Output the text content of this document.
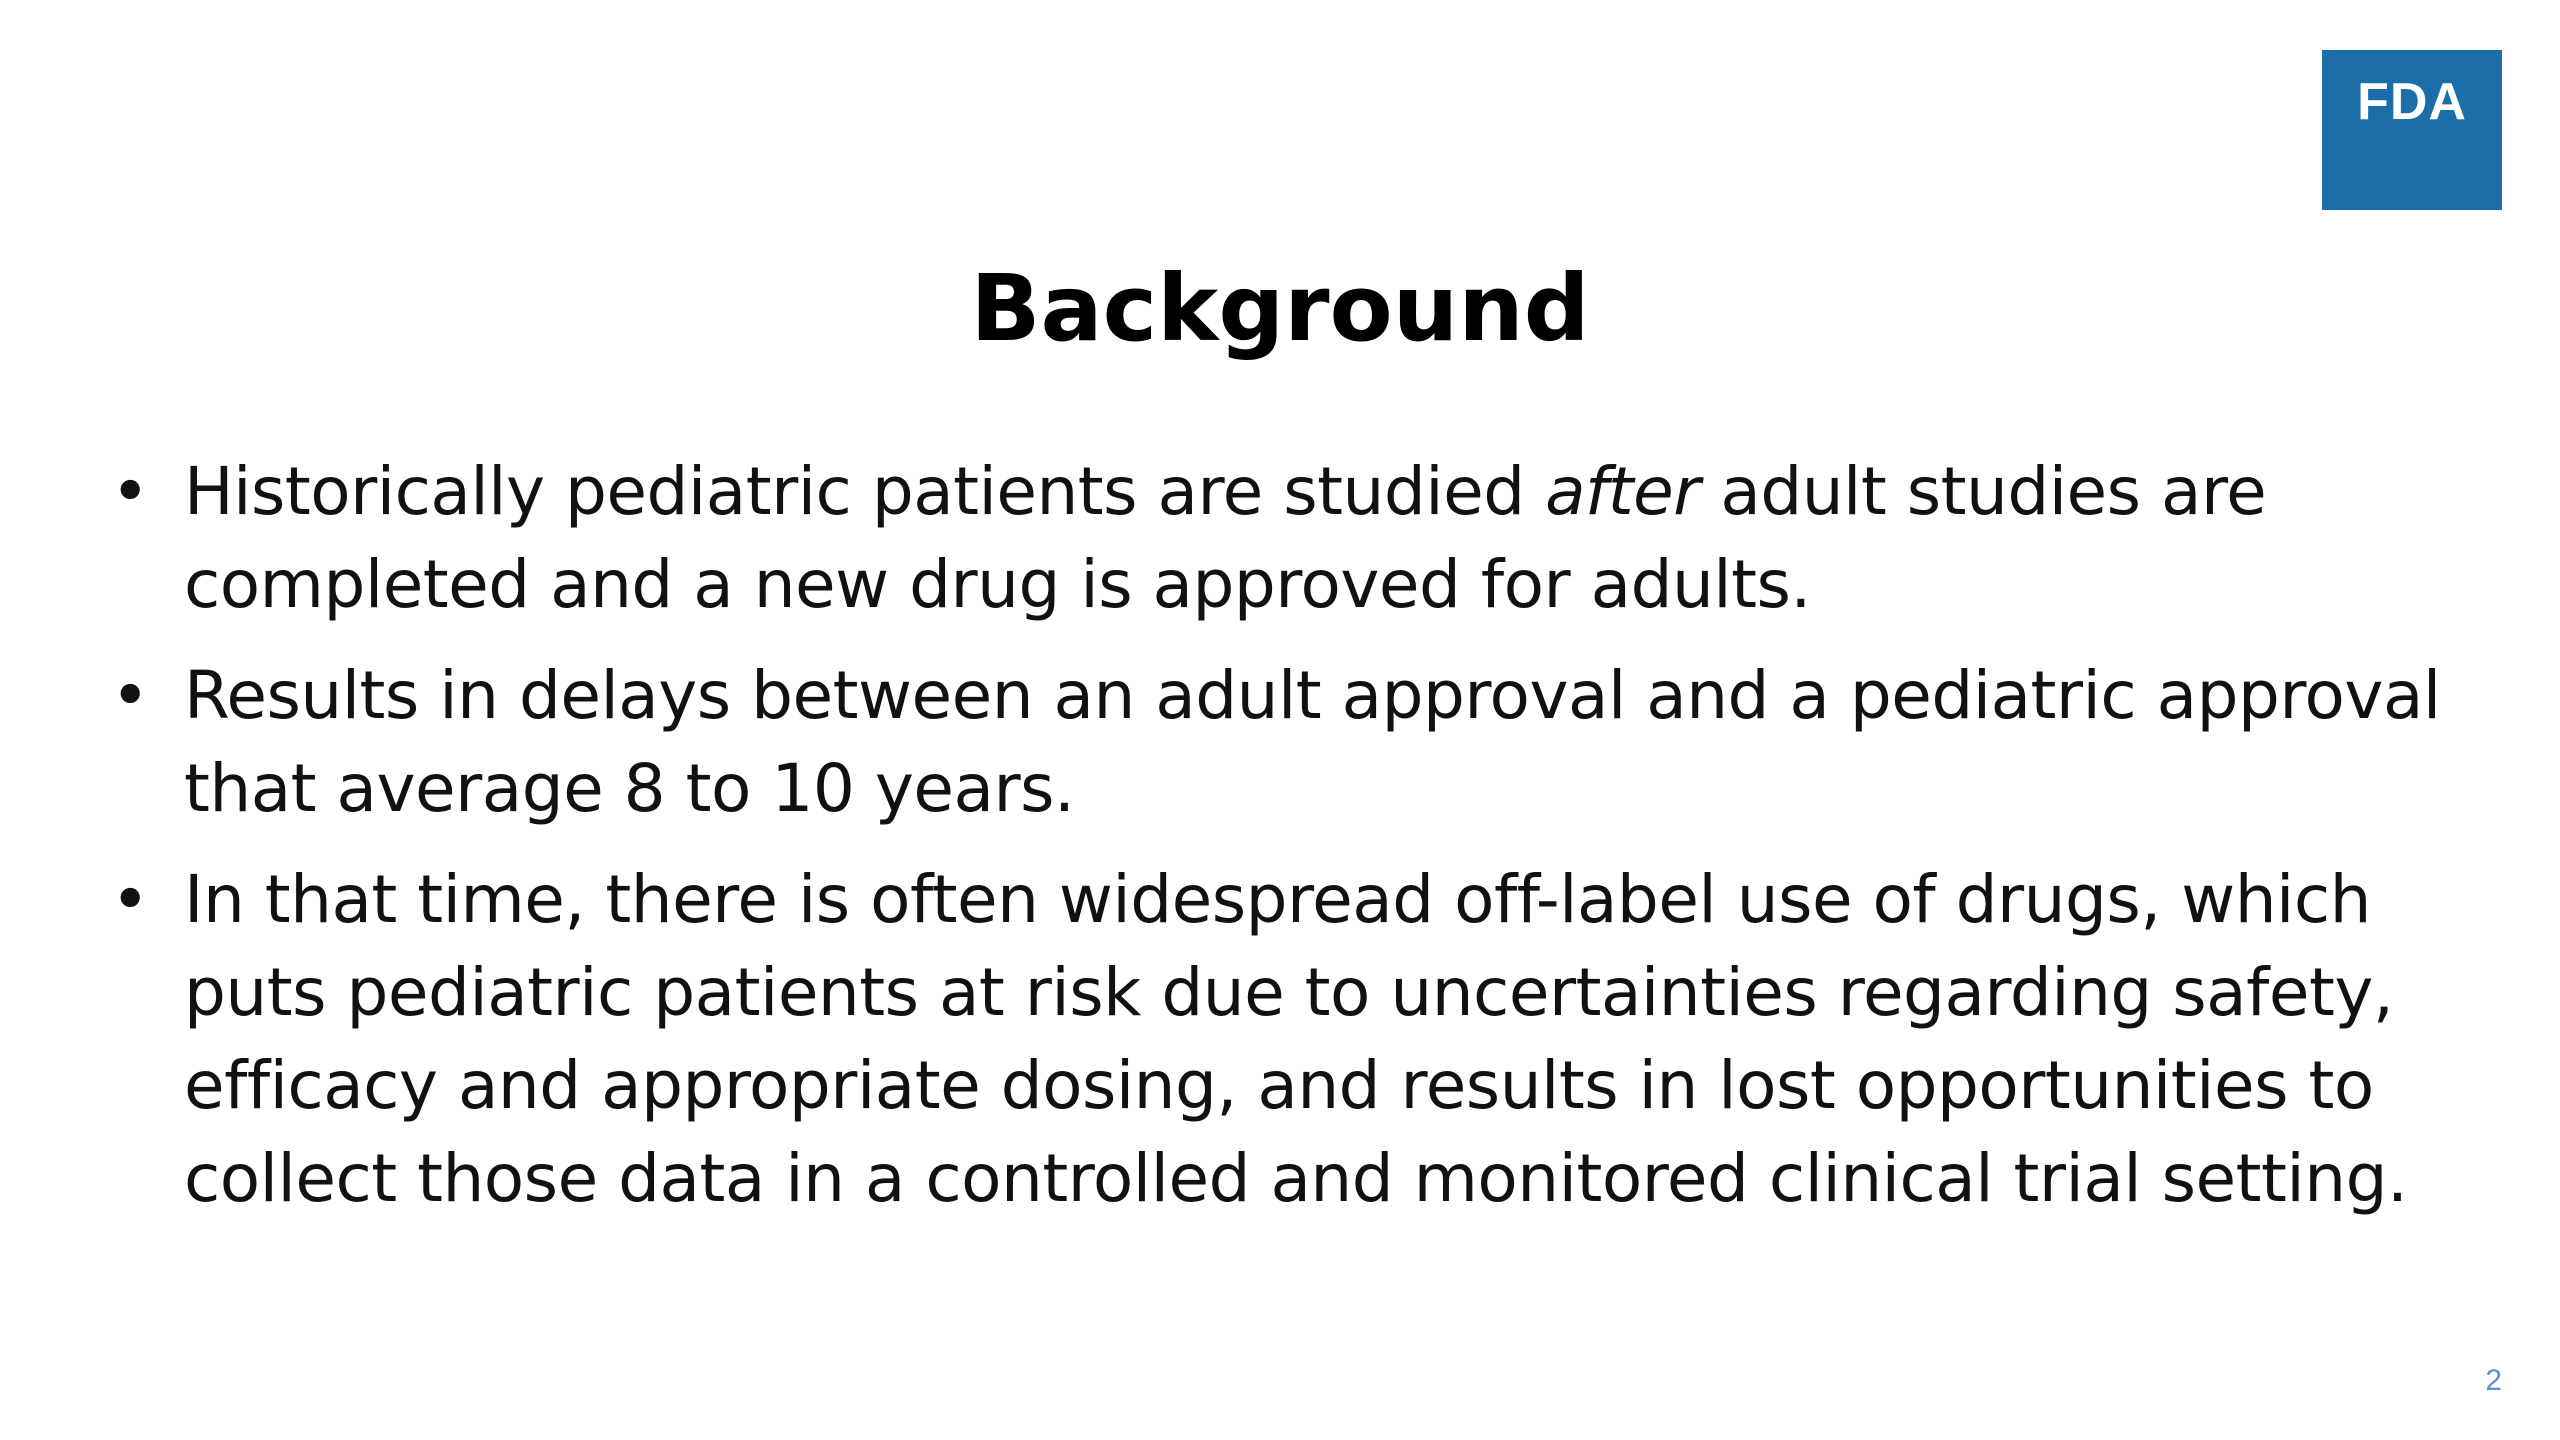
FDA
Background
• Historically pediatric patients are studied after adult studies are completed and a new drug is approved for adults.
• Results in delays between an adult approval and a pediatric approval that average 8 to 10 years.
• In that time, there is often widespread off-label use of drugs, which puts pediatric patients at risk due to uncertainties regarding safety, efficacy and appropriate dosing, and results in lost opportunities to collect those data in a controlled and monitored clinical trial setting.
2
